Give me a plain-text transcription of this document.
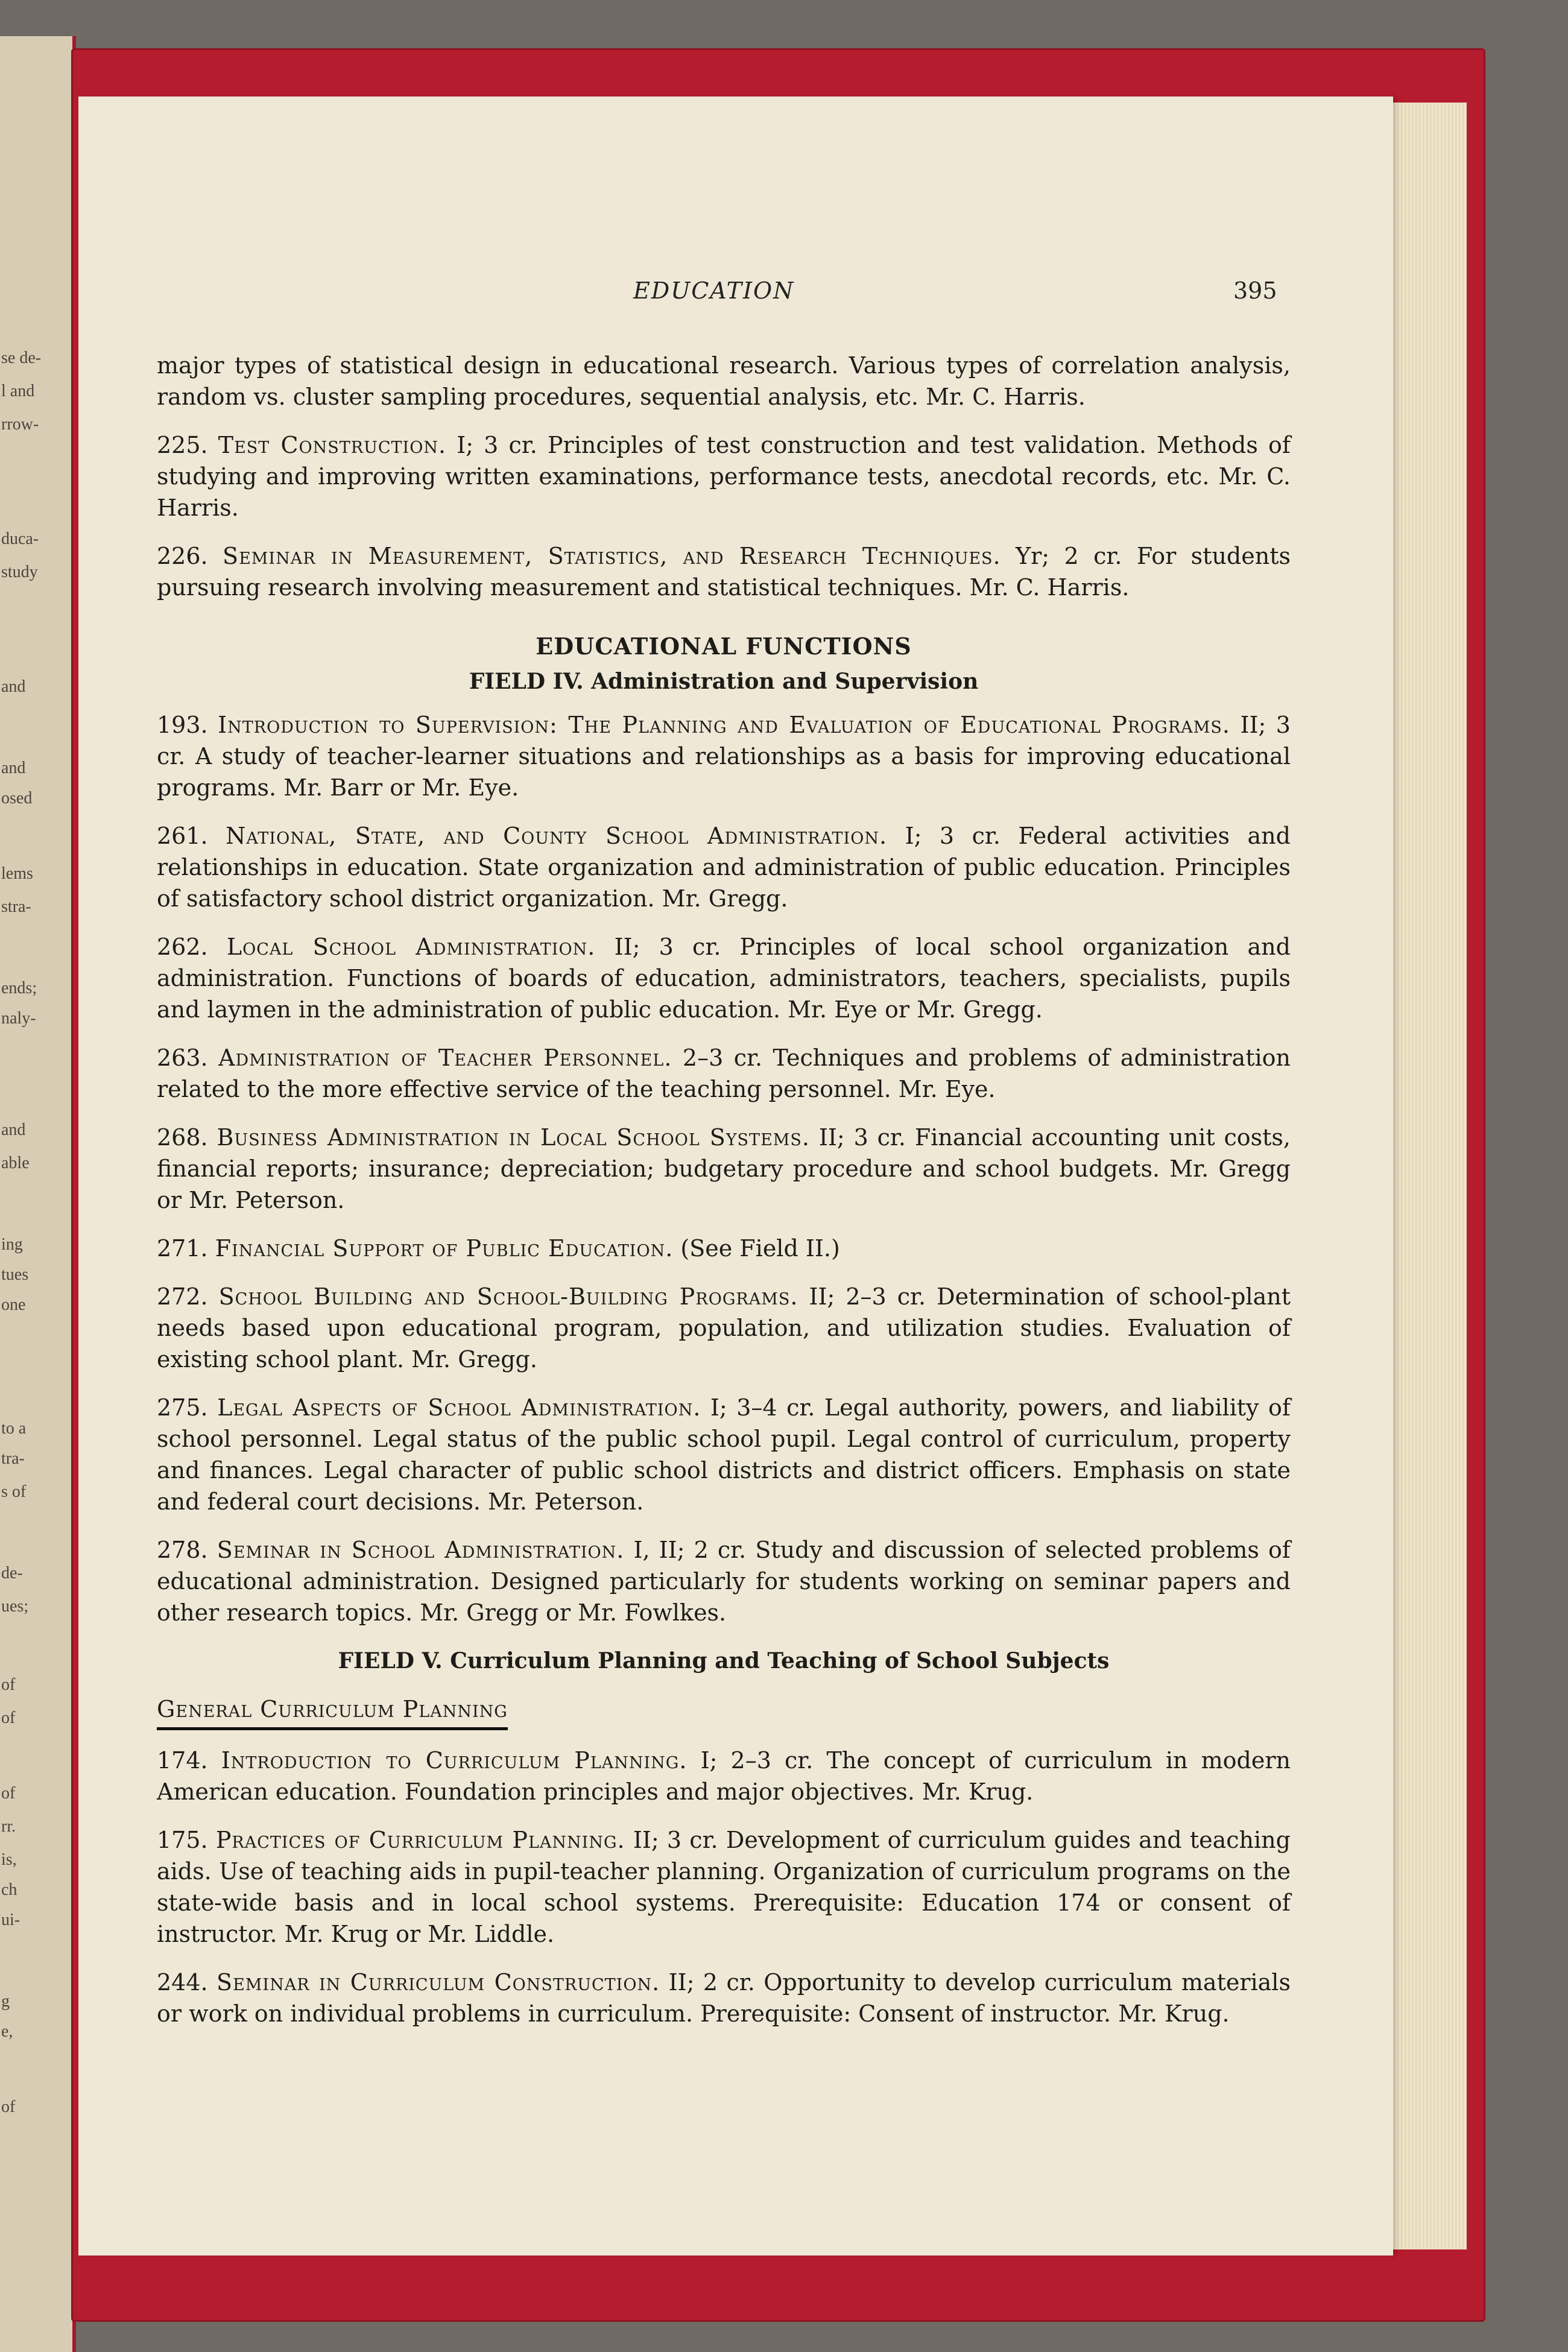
se de-
l and
rrow-
duca-
study
and
and
osed
lems
stra-
ends;
naly-
and
able
ing
tues
one
to a
tra-
s of
de-
ues;
of
of
of
rr.
is,
ch
ui-
g
e,
of
EDUCATION	395

major types of statistical design in educational research. Various types of correlation analysis, random vs. cluster sampling procedures, sequential analysis, etc. Mr. C. Harris.

225. Test Construction. I; 3 cr. Principles of test construction and test validation. Methods of studying and improving written examinations, performance tests, anecdotal records, etc. Mr. C. Harris.

226. Seminar in Measurement, Statistics, and Research Techniques. Yr; 2 cr. For students pursuing research involving measurement and statistical techniques. Mr. C. Harris.

EDUCATIONAL FUNCTIONS
FIELD IV. Administration and Supervision

193. Introduction to Supervision: The Planning and Evaluation of Educational Programs. II; 3 cr. A study of teacher-learner situations and relationships as a basis for improving educational programs. Mr. Barr or Mr. Eye.

261. National, State, and County School Administration. I; 3 cr. Federal activities and relationships in education. State organization and administration of public education. Principles of satisfactory school district organization. Mr. Gregg.

262. Local School Administration. II; 3 cr. Principles of local school organization and administration. Functions of boards of education, administrators, teachers, specialists, pupils and laymen in the administration of public education. Mr. Eye or Mr. Gregg.

263. Administration of Teacher Personnel. 2–3 cr. Techniques and problems of administration related to the more effective service of the teaching personnel. Mr. Eye.

268. Business Administration in Local School Systems. II; 3 cr. Financial accounting unit costs, financial reports; insurance; depreciation; budgetary procedure and school budgets. Mr. Gregg or Mr. Peterson.

271. Financial Support of Public Education. (See Field II.)

272. School Building and School-Building Programs. II; 2–3 cr. Determination of school-plant needs based upon educational program, population, and utilization studies. Evaluation of existing school plant. Mr. Gregg.

275. Legal Aspects of School Administration. I; 3–4 cr. Legal authority, powers, and liability of school personnel. Legal status of the public school pupil. Legal control of curriculum, property and finances. Legal character of public school districts and district officers. Emphasis on state and federal court decisions. Mr. Peterson.

278. Seminar in School Administration. I, II; 2 cr. Study and discussion of selected problems of educational administration. Designed particularly for students working on seminar papers and other research topics. Mr. Gregg or Mr. Fowlkes.

FIELD V. Curriculum Planning and Teaching of School Subjects
General Curriculum Planning

174. Introduction to Curriculum Planning. I; 2–3 cr. The concept of curriculum in modern American education. Foundation principles and major objectives. Mr. Krug.

175. Practices of Curriculum Planning. II; 3 cr. Development of curriculum guides and teaching aids. Use of teaching aids in pupil-teacher planning. Organization of curriculum programs on the state-wide basis and in local school systems. Prerequisite: Education 174 or consent of instructor. Mr. Krug or Mr. Liddle.

244. Seminar in Curriculum Construction. II; 2 cr. Opportunity to develop curriculum materials or work on individual problems in curriculum. Prerequisite: Consent of instructor. Mr. Krug.
